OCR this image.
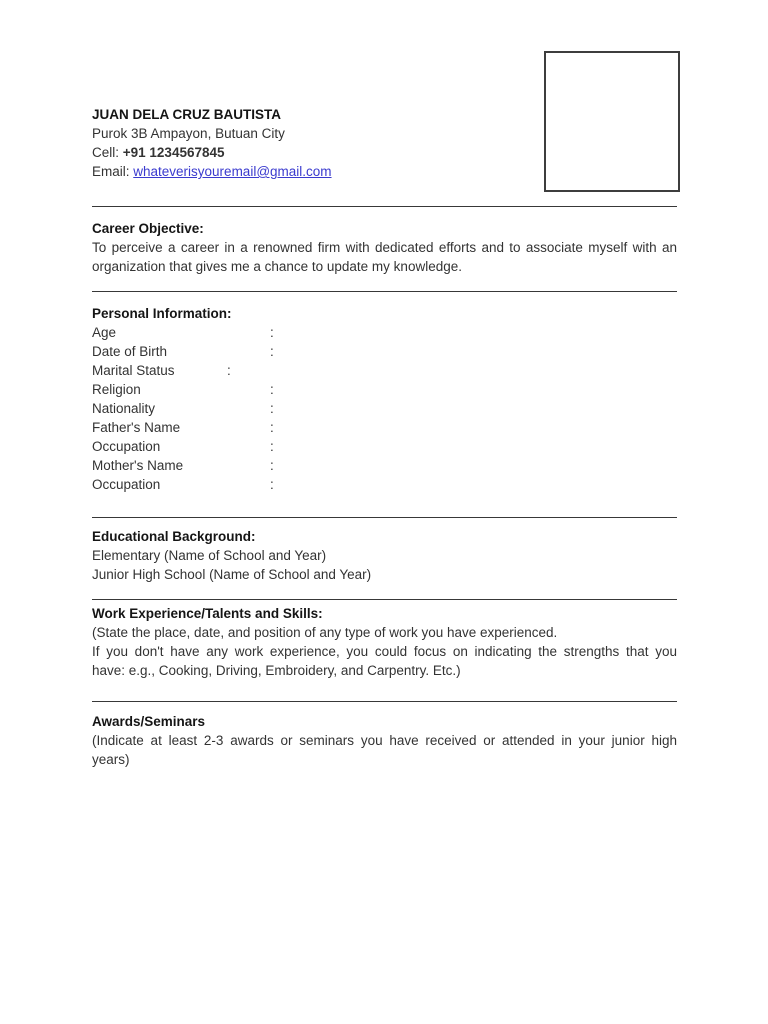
JUAN DELA CRUZ BAUTISTA
Purok 3B Ampayon, Butuan City
Cell: +91 1234567845
Email: whateverisyouremail@gmail.com
Career Objective:
To perceive a career in a renowned firm with dedicated efforts and to associate myself with an
organization that gives me a chance to update my knowledge.
Personal Information:
Age	:
Date of Birth	:
Marital Status	:
Religion	:
Nationality	:
Father's Name	:
Occupation	:
Mother's Name	:
Occupation	:
Educational Background:
Elementary (Name of School and Year)
Junior High School (Name of School and Year)
Work Experience/Talents and Skills:
(State the place, date, and position of any type of work you have experienced.
If you don't have any work experience, you could focus on indicating the strengths that you
have: e.g., Cooking, Driving, Embroidery, and Carpentry. Etc.)
Awards/Seminars
(Indicate at least 2-3 awards or seminars you have received or attended in your junior high
years)
